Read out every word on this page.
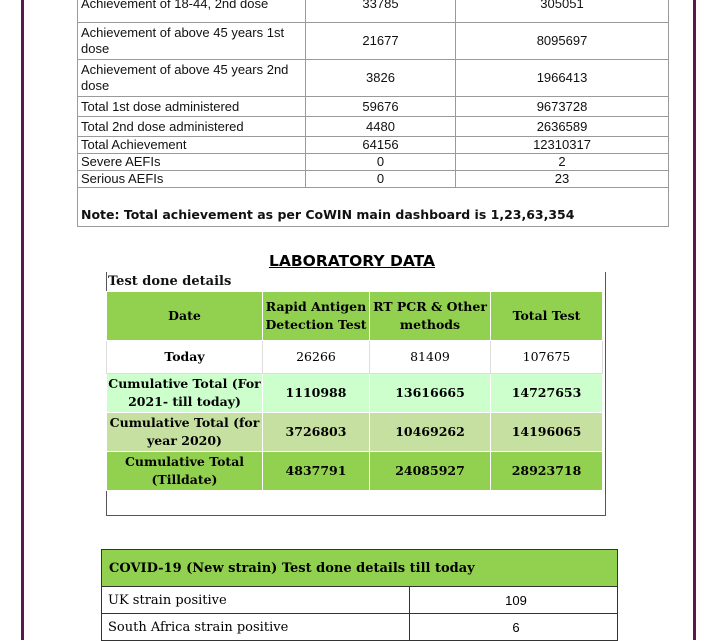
Achievement of 18-44, 2nd dose	33785	305051
Achievement of above 45 years 1st dose	21677	8095697
Achievement of above 45 years 2nd dose	3826	1966413
Total 1st dose administered	59676	9673728
Total 2nd dose administered	4480	2636589
Total Achievement	64156	12310317
Severe AEFIs	0	2
Serious AEFIs	0	23

Note: Total achievement as per CoWIN main dashboard is 1,23,63,354		
LABORATORY DATA
Test done details
Date	Rapid Antigen Detection Test	RT PCR & Other methods	Total Test
Today	26266	81409	107675
Cumulative Total (For 2021- till today)	1110988	13616665	14727653
Cumulative Total (for year 2020)	3726803	10469262	14196065
Cumulative Total (Tilldate)	4837791	24085927	28923718
COVID-19 (New strain) Test done details till today	
UK strain positive	109
South Africa strain positive	6
